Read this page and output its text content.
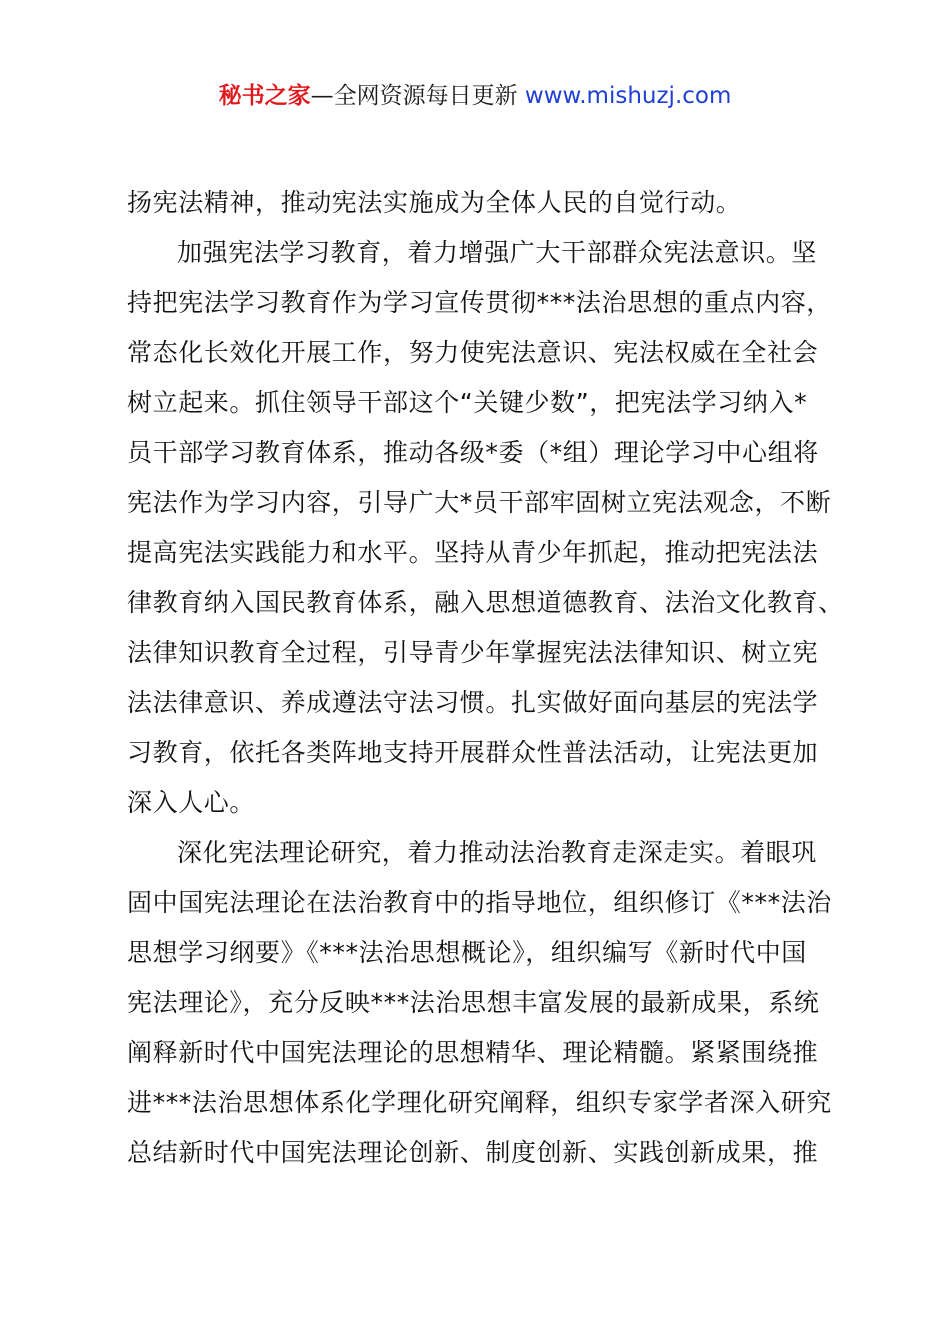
秘书之家—全网资源每日更新 www.mishuzj.com
扬宪法精神，推动宪法实施成为全体人民的自觉行动。
加强宪法学习教育，着力增强广大干部群众宪法意识。坚
持把宪法学习教育作为学习宣传贯彻***法治思想的重点内容，
常态化长效化开展工作，努力使宪法意识、宪法权威在全社会
树立起来。抓住领导干部这个“关键少数”，把宪法学习纳入*
员干部学习教育体系，推动各级*委（*组）理论学习中心组将
宪法作为学习内容，引导广大*员干部牢固树立宪法观念，不断
提高宪法实践能力和水平。坚持从青少年抓起，推动把宪法法
律教育纳入国民教育体系，融入思想道德教育、法治文化教育、
法律知识教育全过程，引导青少年掌握宪法法律知识、树立宪
法法律意识、养成遵法守法习惯。扎实做好面向基层的宪法学
习教育，依托各类阵地支持开展群众性普法活动，让宪法更加
深入人心。
深化宪法理论研究，着力推动法治教育走深走实。着眼巩
固中国宪法理论在法治教育中的指导地位，组织修订《***法治
思想学习纲要》《***法治思想概论》，组织编写《新时代中国
宪法理论》，充分反映***法治思想丰富发展的最新成果，系统
阐释新时代中国宪法理论的思想精华、理论精髓。紧紧围绕推
进***法治思想体系化学理化研究阐释，组织专家学者深入研究
总结新时代中国宪法理论创新、制度创新、实践创新成果，推
